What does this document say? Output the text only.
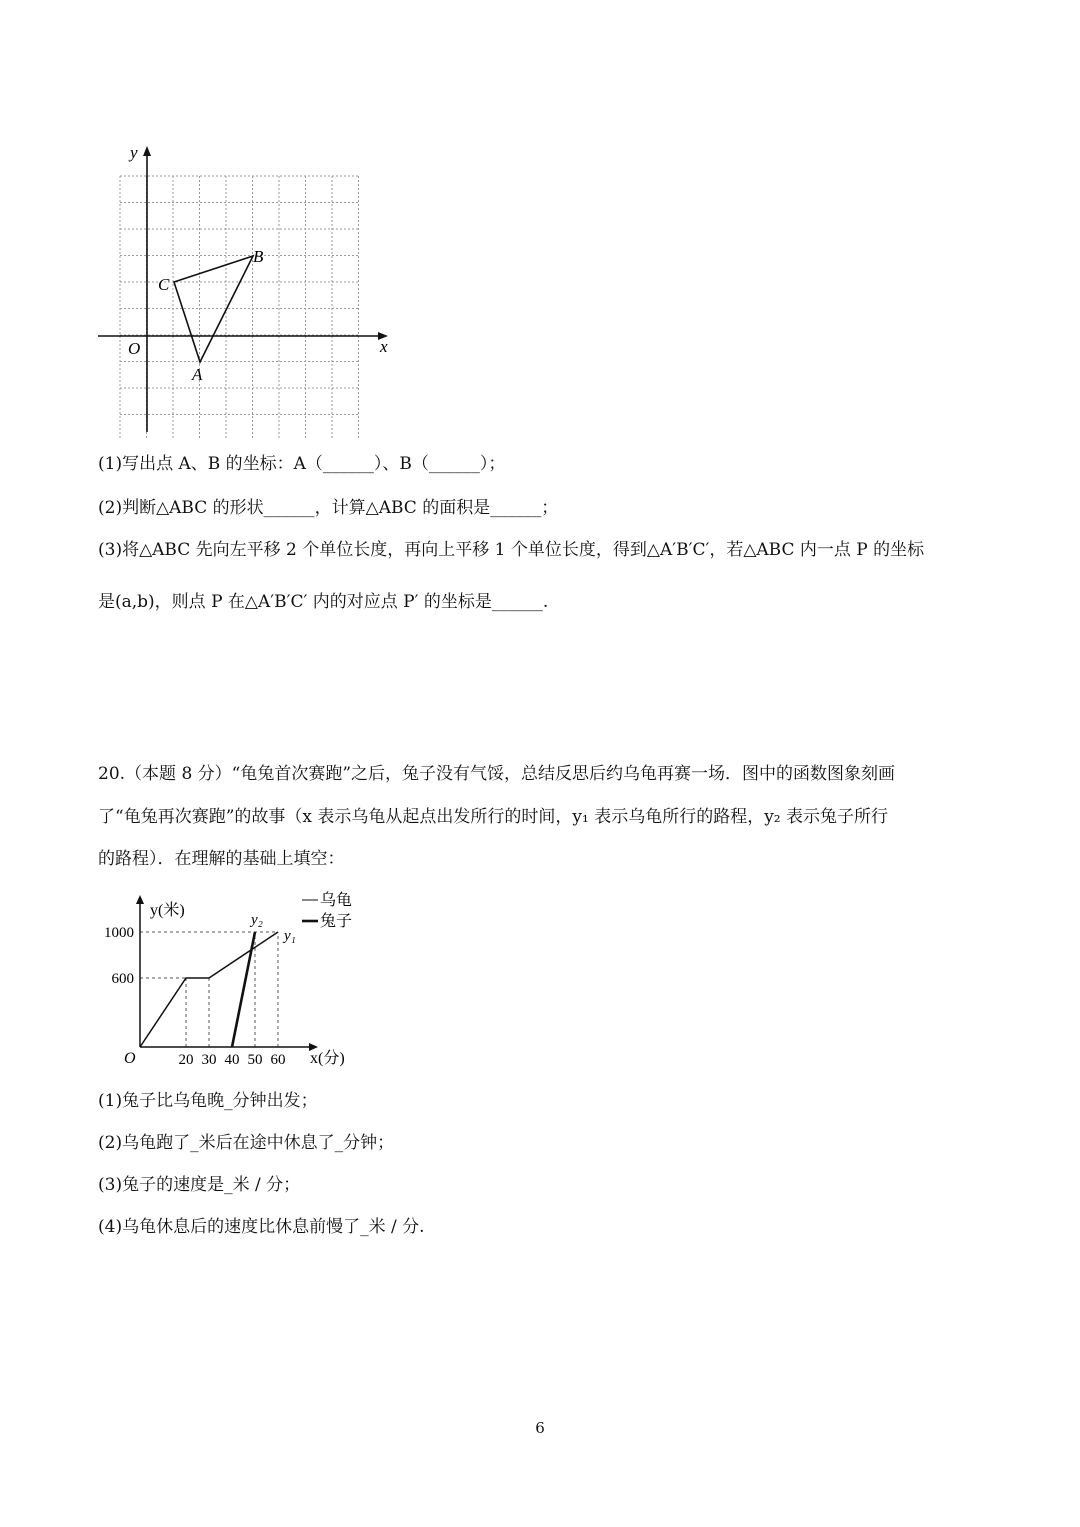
x
y
O
A
B
C
(1)写出点 A、B 的坐标：A（______）、B（______）；
(2)判断△ABC 的形状______，计算△ABC 的面积是______；
(3)将△ABC 先向左平移 2 个单位长度，再向上平移 1 个单位长度，得到△A′B′C′，若△ABC 内一点 P 的坐标
是(a,b)，则点 P 在△A′B′C′ 内的对应点 P′ 的坐标是______.
20.（本题 8 分）“龟兔首次赛跑”之后，兔子没有气馁，总结反思后约乌龟再赛一场．图中的函数图象刻画
了“龟兔再次赛跑”的故事（x 表示乌龟从起点出发所行的时间，y₁ 表示乌龟所行的路程，y₂ 表示兔子所行
的路程）．在理解的基础上填空：
y₁
y₂
20 30 40 50 60
600
1000
y(米)
x(分)
O
乌龟
兔子
(1)兔子比乌龟晚_分钟出发；
(2)乌龟跑了_米后在途中休息了_分钟；
(3)兔子的速度是_米 / 分；
(4)乌龟休息后的速度比休息前慢了_米 / 分.
6
